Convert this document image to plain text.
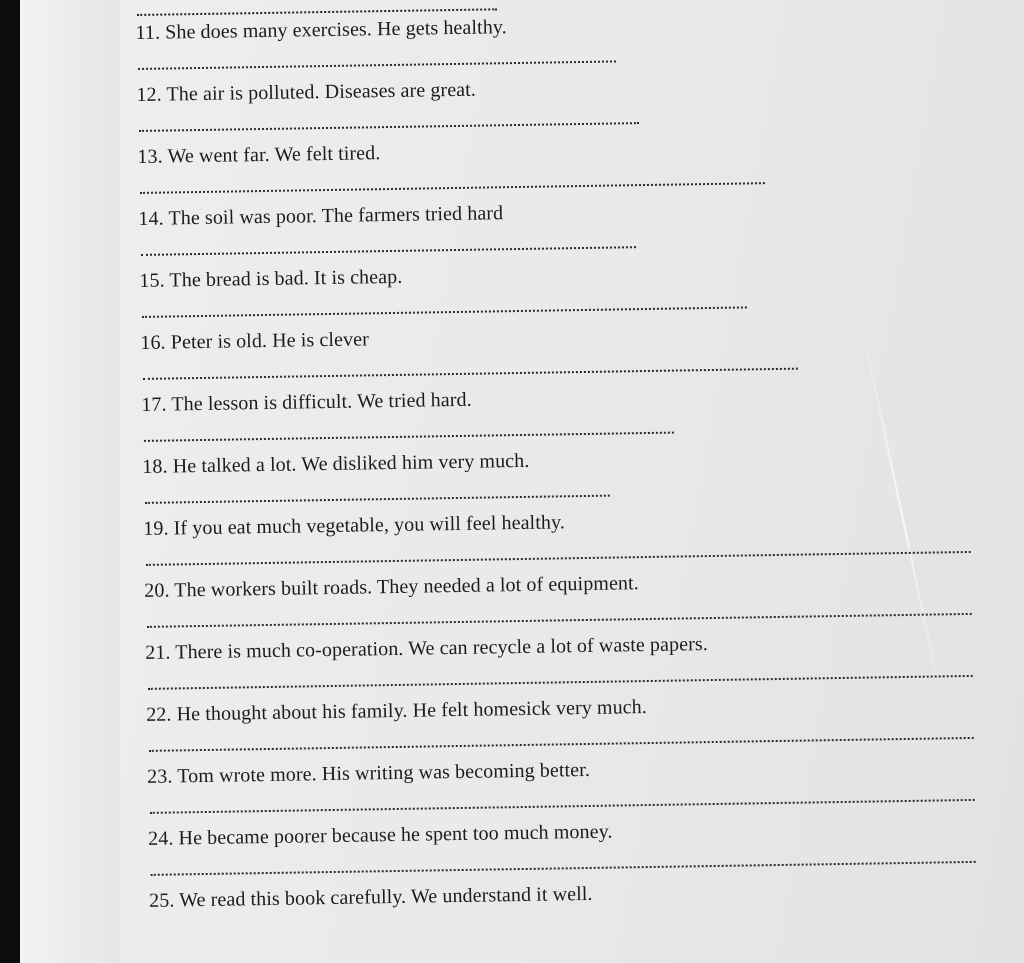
11. She does many exercises. He gets healthy.
12. The air is polluted. Diseases are great.
13. We went far. We felt tired.
14. The soil was poor. The farmers tried hard
15. The bread is bad. It is cheap.
16. Peter is old. He is clever
17. The lesson is difficult. We tried hard.
18. He talked a lot. We disliked him very much.
19. If you eat much vegetable, you will feel healthy.
20. The workers built roads. They needed a lot of equipment.
21. There is much co-operation. We can recycle a lot of waste papers.
22. He thought about his family. He felt homesick very much.
23. Tom wrote more. His writing was becoming better.
24. He became poorer because he spent too much money.
25. We read this book carefully. We understand it well.
